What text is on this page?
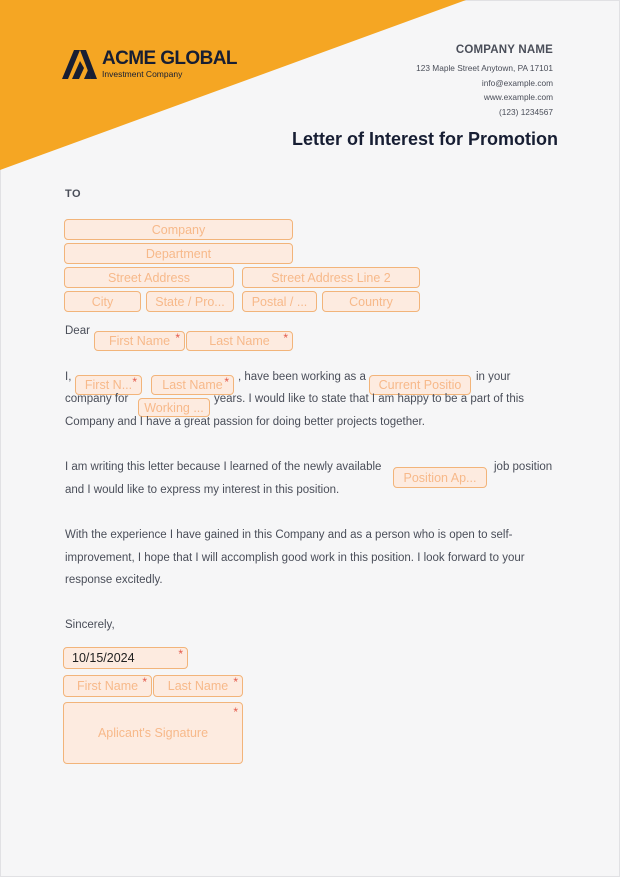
ACME GLOBAL
Investment Company
COMPANY NAME
123 Maple Street Anytown, PA 17101
info@example.com
www.example.com
(123) 1234567
Letter of Interest for Promotion
TO
Company
Department
Street Address	Street Address Line 2
City	State / Pro...	Postal / ...	Country
Dear
First Name *	Last Name	*
I,
First N... *	Last Name * , have been working as a
Current Positio
in your
company for
Working ...
years. I would like to state that I am happy to be a part of this
Company and I have a great passion for doing better projects together.
I am writing this letter because I learned of the newly available
Position Ap...
job position
and I would like to express my interest in this position.
With the experience I have gained in this Company and as a person who is open to self-
improvement, I hope that I will accomplish good work in this position. I look forward to your
response excitedly.
Sincerely,
10/15/2024	*
First Name *	Last Name *
Aplicant's Signature
*
